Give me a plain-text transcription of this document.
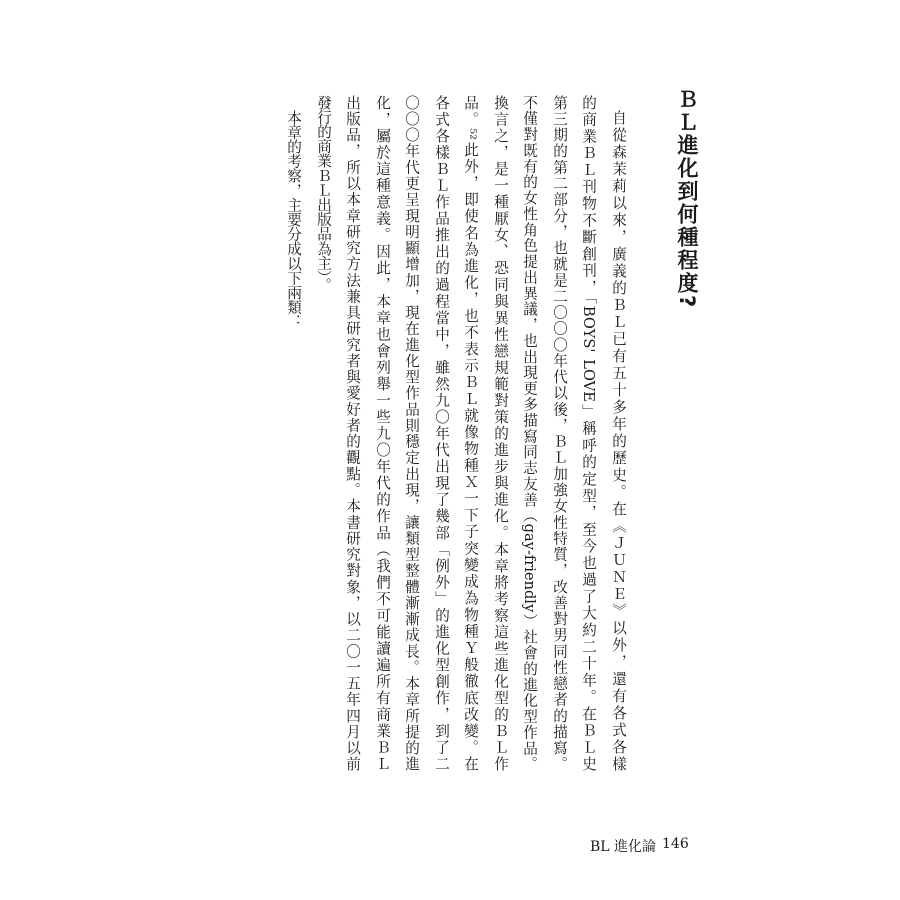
ＢＬ進化到何種程度?
自從森茉莉以來，廣義的ＢＬ已有五十多年的歷史。在《ＪＵＮＥ》以外，還有各式各樣
的商業ＢＬ刊物不斷創刊，「BOYS' LOVE」稱呼的定型，至今也過了大約二十年。在ＢＬ史
第三期的第二部分，也就是二〇〇〇年代以後，ＢＬ加強女性特質，改善對男同性戀者的描寫。
不僅對既有的女性角色提出異議，也出現更多描寫同志友善（gay-friendly）社會的進化型作品。
換言之，是一種厭女、恐同與異性戀規範對策的進步與進化。本章將考察這些進化型的ＢＬ作
品。⁵²此外，即使名為進化，也不表示ＢＬ就像物種Ｘ一下子突變成為物種Ｙ般徹底改變。在
各式各樣ＢＬ作品推出的過程當中，雖然九〇年代出現了幾部「例外」的進化型創作，到了二
〇〇〇年代更呈現明顯增加，現在進化型作品則穩定出現，讓類型整體漸漸成長。本章所提的進
化，屬於這種意義。因此，本章也會列舉一些九〇年代的作品（我們不可能讀遍所有商業ＢＬ
出版品，所以本章研究方法兼具研究者與愛好者的觀點。本書研究對象，以二〇一五年四月以前
發行的商業ＢＬ出版品為主）。
本章的考察，主要分成以下兩類：
BL 進化論 146
